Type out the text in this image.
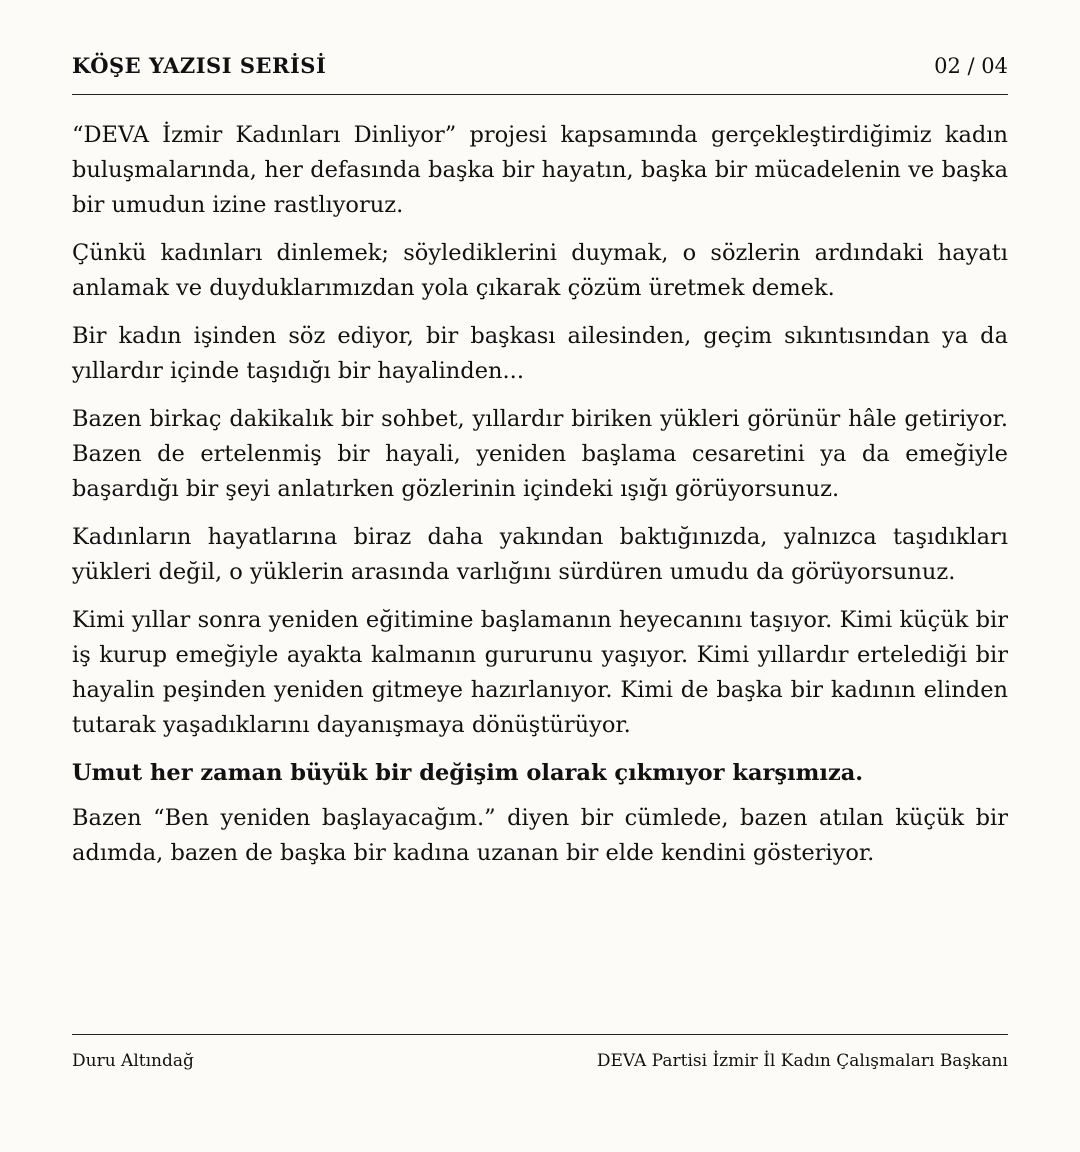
KÖŞE YAZISI SERİSİ	02 / 04

“DEVA İzmir Kadınları Dinliyor” projesi kapsamında gerçekleştirdiğimiz kadın buluşmalarında, her defasında başka bir hayatın, başka bir mücadelenin ve başka bir umudun izine rastlıyoruz.

Çünkü kadınları dinlemek; söylediklerini duymak, o sözlerin ardındaki hayatı anlamak ve duyduklarımızdan yola çıkarak çözüm üretmek demek.

Bir kadın işinden söz ediyor, bir başkası ailesinden, geçim sıkıntısından ya da yıllardır içinde taşıdığı bir hayalinden...

Bazen birkaç dakikalık bir sohbet, yıllardır biriken yükleri görünür hâle getiriyor. Bazen de ertelenmiş bir hayali, yeniden başlama cesaretini ya da emeğiyle başardığı bir şeyi anlatırken gözlerinin içindeki ışığı görüyorsunuz.

Kadınların hayatlarına biraz daha yakından baktığınızda, yalnızca taşıdıkları yükleri değil, o yüklerin arasında varlığını sürdüren umudu da görüyorsunuz.

Kimi yıllar sonra yeniden eğitimine başlamanın heyecanını taşıyor. Kimi küçük bir iş kurup emeğiyle ayakta kalmanın gururunu yaşıyor. Kimi yıllardır ertelediği bir hayalin peşinden yeniden gitmeye hazırlanıyor. Kimi de başka bir kadının elinden tutarak yaşadıklarını dayanışmaya dönüştürüyor.

Umut her zaman büyük bir değişim olarak çıkmıyor karşımıza.

Bazen “Ben yeniden başlayacağım.” diyen bir cümlede, bazen atılan küçük bir adımda, bazen de başka bir kadına uzanan bir elde kendini gösteriyor.

Duru Altındağ	DEVA Partisi İzmir İl Kadın Çalışmaları Başkanı
